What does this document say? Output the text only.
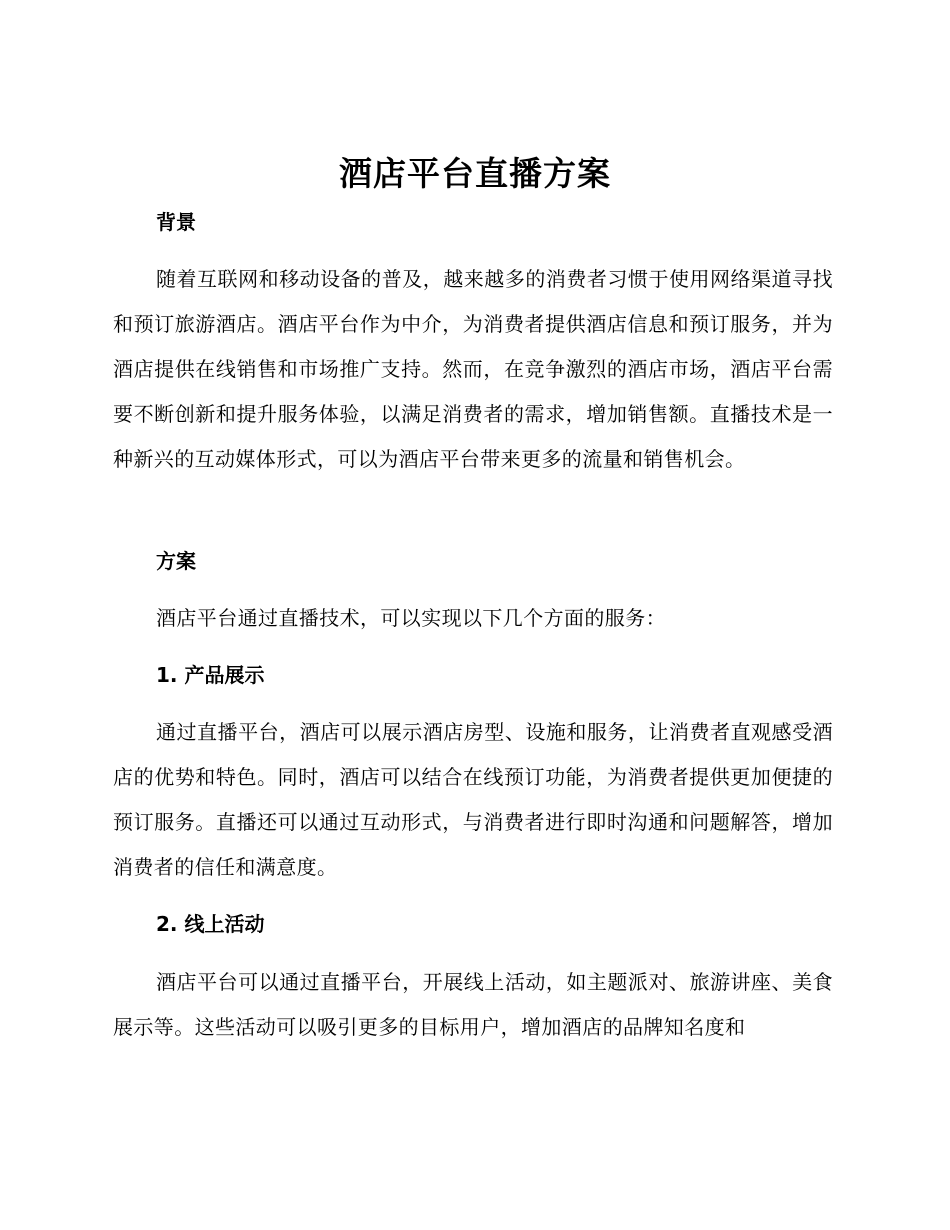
酒店平台直播方案
背景
随着互联网和移动设备的普及，越来越多的消费者习惯于使用网络渠道寻找和预订旅游酒店。酒店平台作为中介，为消费者提供酒店信息和预订服务，并为酒店提供在线销售和市场推广支持。然而，在竞争激烈的酒店市场，酒店平台需要不断创新和提升服务体验，以满足消费者的需求，增加销售额。直播技术是一种新兴的互动媒体形式，可以为酒店平台带来更多的流量和销售机会。
方案
酒店平台通过直播技术，可以实现以下几个方面的服务：
1. 产品展示
通过直播平台，酒店可以展示酒店房型、设施和服务，让消费者直观感受酒店的优势和特色。同时，酒店可以结合在线预订功能，为消费者提供更加便捷的预订服务。直播还可以通过互动形式，与消费者进行即时沟通和问题解答，增加消费者的信任和满意度。
2. 线上活动
酒店平台可以通过直播平台，开展线上活动，如主题派对、旅游讲座、美食展示等。这些活动可以吸引更多的目标用户，增加酒店的品牌知名度和
